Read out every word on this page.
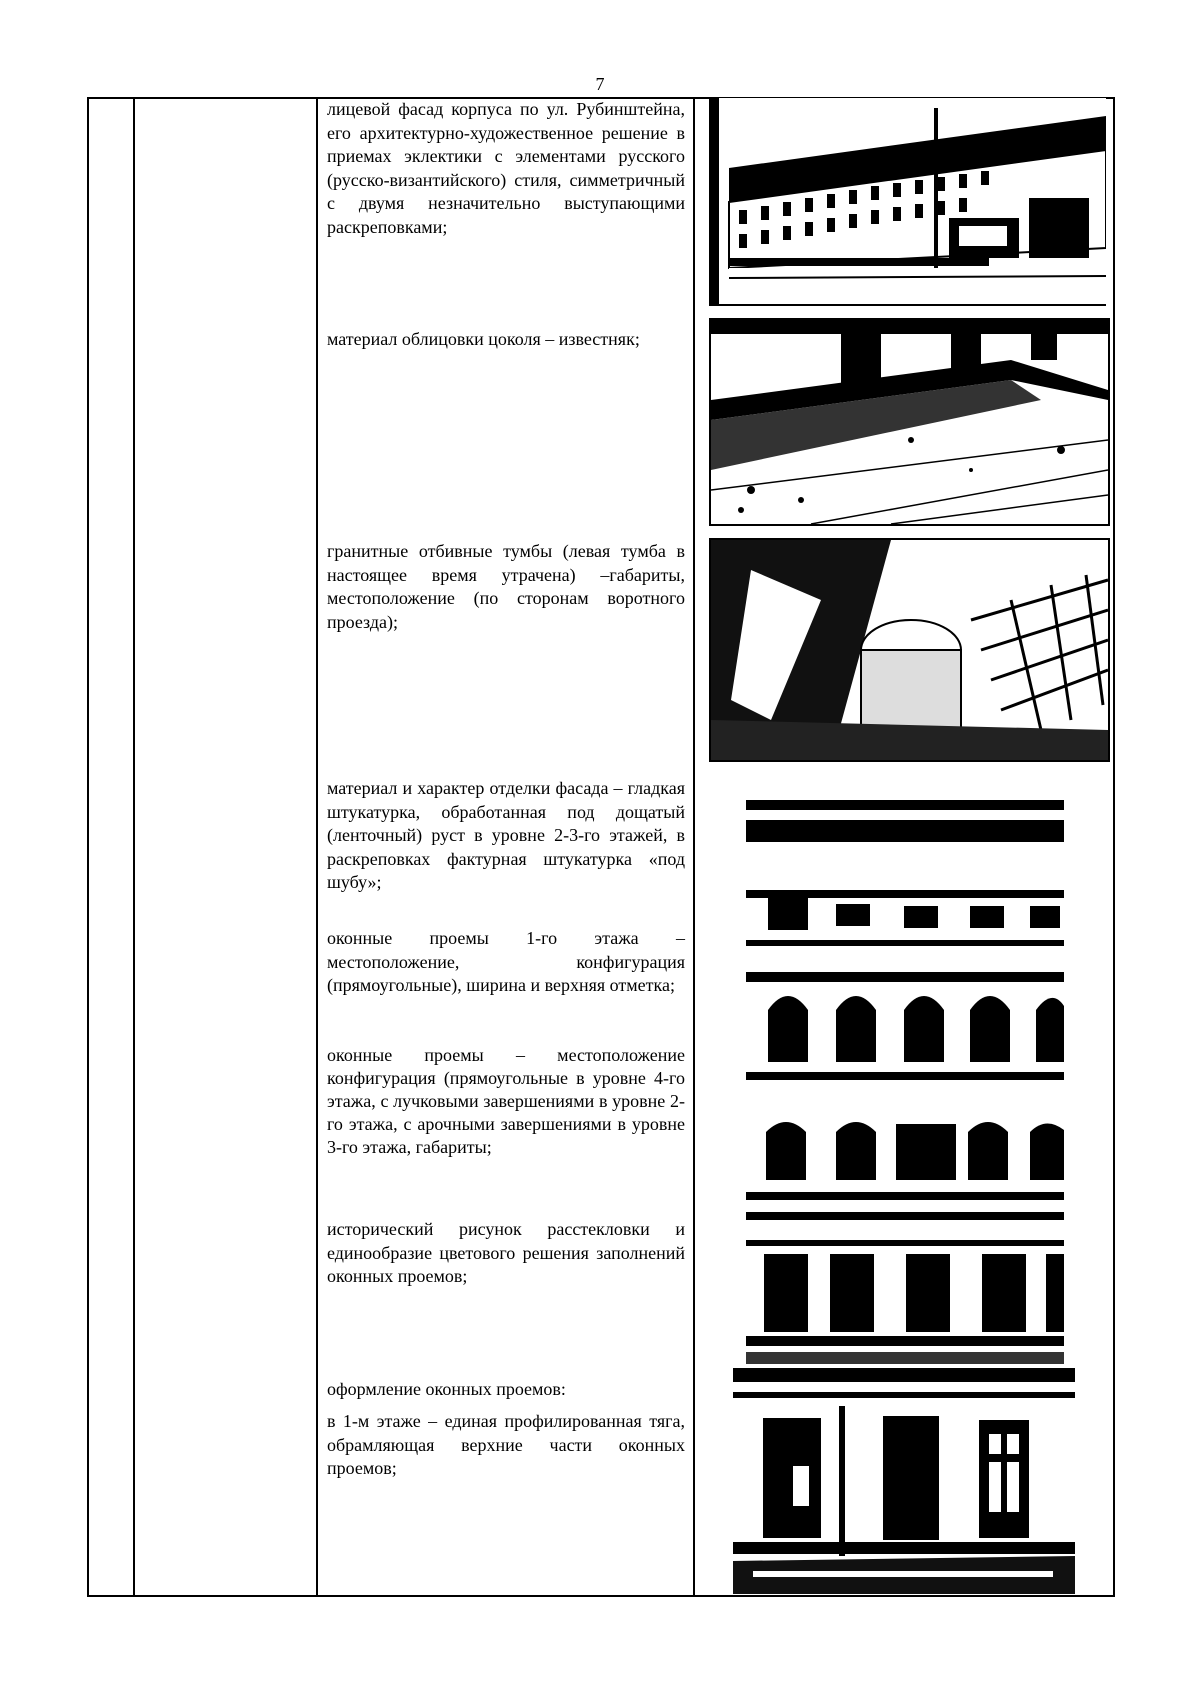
7
лицевой фасад корпуса по ул. Рубинштейна, его архитектурно-художественное решение в приемах эклектики с элементами русского (русско-византийского) стиля, симметричный с двумя незначительно выступающими раскреповками;
материал облицовки цоколя – известняк;
гранитные отбивные тумбы (левая тумба в настоящее время утрачена) –габариты, местоположение (по сторонам воротного проезда);
материал и характер отделки фасада – гладкая штукатурка, обработанная под дощатый (ленточный) руст в уровне 2-3-го этажей, в раскреповках фактурная штукатурка «под шубу»;
оконные проемы 1-го этажа – местоположение, конфигурация (прямоугольные), ширина и верхняя отметка;
оконные проемы – местоположение конфигурация (прямоугольные в уровне 4-го этажа, с лучковыми завершениями в уровне 2-го этажа, с арочными завершениями в уровне 3-го этажа, габариты;
исторический рисунок расстекловки и единообразие цветового решения заполнений оконных проемов;
оформление оконных проемов:
в 1-м этаже – единая профилированная тяга, обрамляющая верхние части оконных проемов;
